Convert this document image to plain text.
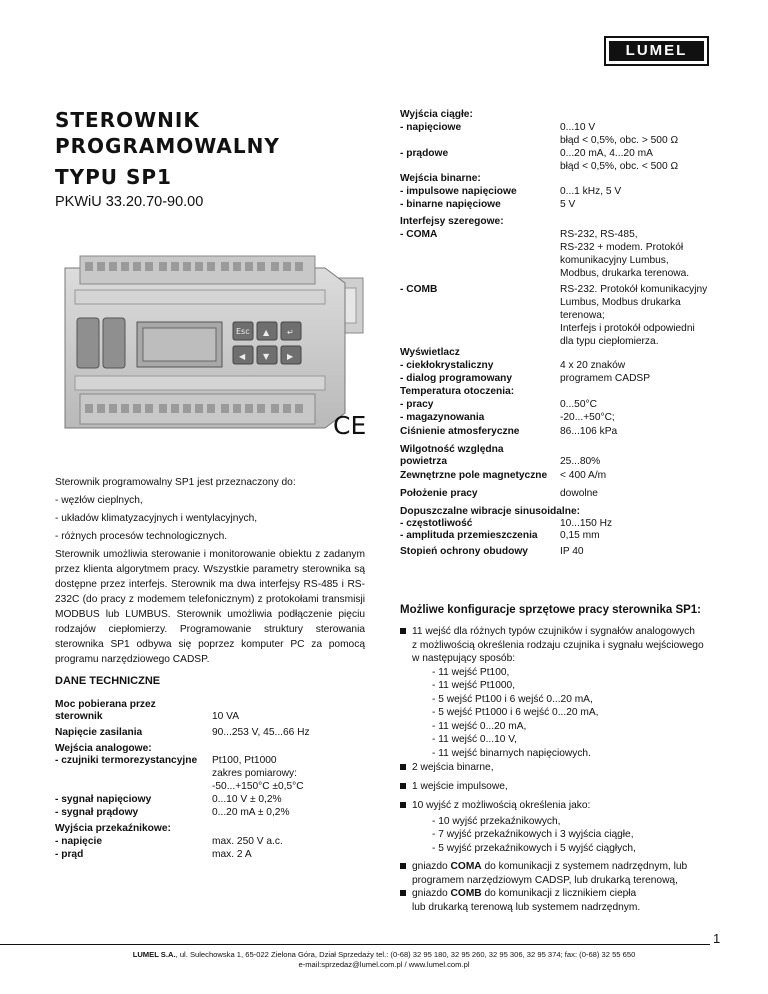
LUMEL
STEROWNIK
PROGRAMOWALNY
TYPU SP1
PKWiU 33.20.70-90.00
Esc ▲ ↵
◀ ▼ ▶
CE

Sterownik programowalny SP1 jest przeznaczony do:

- węzłów cieplnych,

- układów klimatyzacyjnych i wentylacyjnych,

- różnych procesów technologicznych.

Sterownik umożliwia sterowanie i monitorowanie obiektu z zadanym przez klienta algorytmem pracy. Wszystkie parametry sterownika są dostępne przez interfejs. Sterownik ma dwa interfejsy RS-485 i RS-232C (do pracy z modemem telefonicznym) z protokołami transmisji MODBUS lub LUMBUS. Sterownik umożliwia podłączenie pięciu rodzajów ciepłomierzy. Programowanie struktury sterowania sterownika SP1 odbywa się poprzez komputer PC za pomocą programu narzędziowego CADSP.

DANE TECHNICZNE
Moc pobierana przez
sterownik	10 VA
Napięcie zasilania	90...253 V, 45...66 Hz
Wejścia analogowe:
- czujniki termorezystancyjne	Pt100, Pt1000
zakres pomiarowy:
-50...+150°C ±0,5°C
- sygnał napięciowy	0...10 V ± 0,2%
- sygnał prądowy	0...20 mA ± 0,2%
Wyjścia przekaźnikowe:
- napięcie	max. 250 V a.c.
- prąd	max. 2 A
Wyjścia ciągłe:
- napięciowe	0...10 V
błąd < 0,5%, obc. > 500 Ω
- prądowe	0...20 mA, 4...20 mA
błąd < 0,5%, obc. < 500 Ω
Wejścia binarne:
- impulsowe napięciowe	0...1 kHz, 5 V
- binarne napięciowe	5 V
Interfejsy szeregowe:
- COMA	RS-232, RS-485,
RS-232 + modem. Protokół
komunikacyjny Lumbus,
Modbus, drukarka terenowa.
- COMB	RS-232. Protokół komunikacyjny
Lumbus, Modbus drukarka
terenowa;
Interfejs i protokół odpowiedni
dla typu ciepłomierza.
Wyświetlacz
- ciekłokrystaliczny	4 x 20 znaków
- dialog programowany	programem CADSP
Temperatura otoczenia:
- pracy	0...50°C
- magazynowania	-20...+50°C;
Ciśnienie atmosferyczne	86...106 kPa
Wilgotność względna
powietrza	25...80%
Zewnętrzne pole magnetyczne	< 400 A/m
Położenie pracy	dowolne
Dopuszczalne wibracje sinusoidalne:
- częstotliwość	10...150 Hz
- amplituda przemieszczenia	0,15 mm
Stopień ochrony obudowy	IP 40
Możliwe konfiguracje sprzętowe pracy sterownika SP1:
11 wejść dla różnych typów czujników i sygnałów analogowych
z możliwością określenia rodzaju czujnika i sygnału wejściowego
w następujący sposób:
- 11 wejść Pt100,
- 11 wejść Pt1000,
- 5 wejść Pt100 i 6 wejść 0...20 mA,
- 5 wejść Pt1000 i 6 wejść 0...20 mA,
- 11 wejść 0...20 mA,
- 11 wejść 0...10 V,
- 11 wejść binarnych napięciowych.
2 wejścia binarne,
1 wejście impulsowe,
10 wyjść z możliwością określenia jako:
- 10 wyjść przekaźnikowych,
- 7 wyjść przekaźnikowych i 3 wyjścia ciągłe,
- 5 wyjść przekaźnikowych i 5 wyjść ciągłych,
gniazdo COMA do komunikacji z systemem nadrzędnym, lub
programem narzędziowym CADSP, lub drukarką terenową,
gniazdo COMB do komunikacji z licznikiem ciepła
lub drukarką terenową lub systemem nadrzędnym.
1
LUMEL S.A., ul. Sulechowska 1, 65-022 Zielona Góra, Dział Sprzedaży tel.: (0-68) 32 95 180, 32 95 260, 32 95 306, 32 95 374; fax: (0-68) 32 55 650
e-mail:sprzedaz@lumel.com.pl / www.lumel.com.pl
